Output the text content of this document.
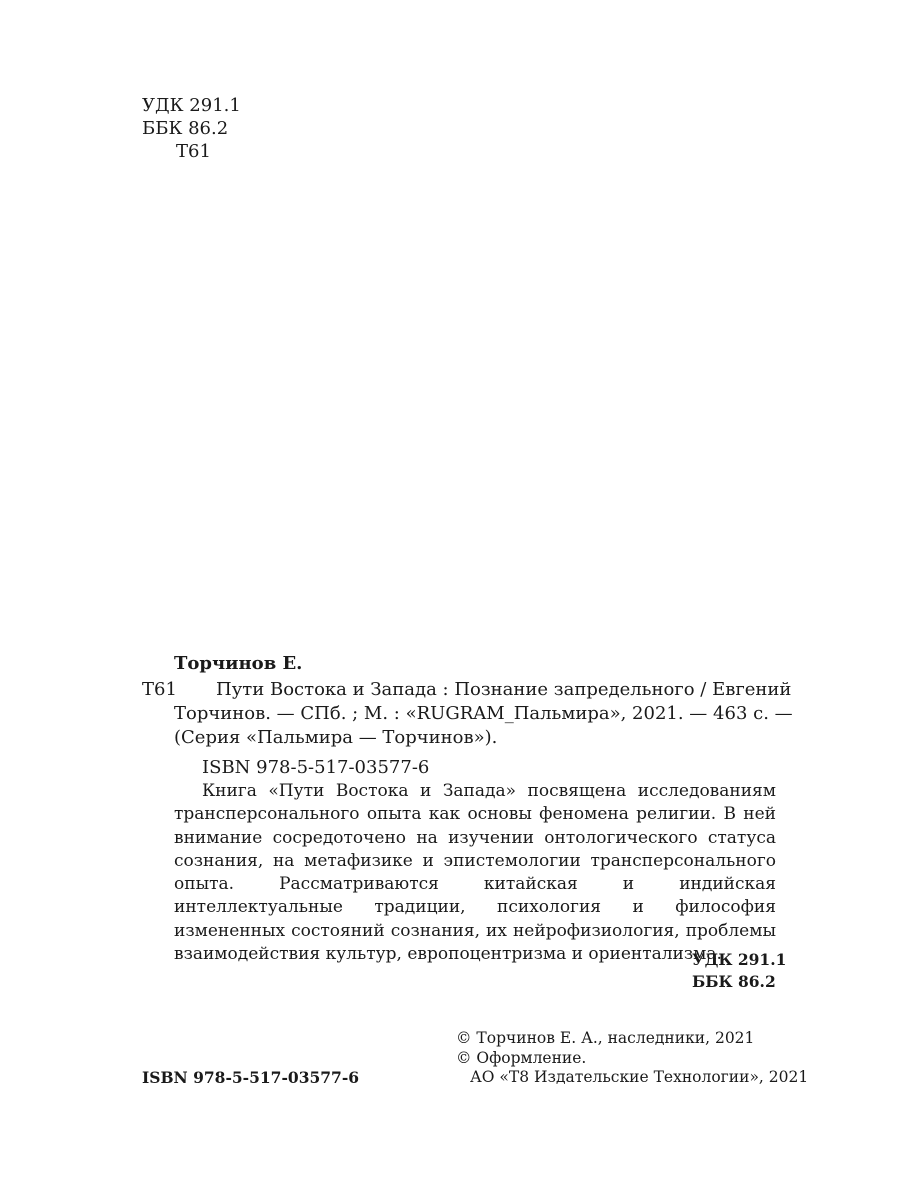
УДК 291.1
ББК 86.2
Т61
Торчинов Е.
Т61 Пути Востока и Запада : Познание запредельного / Евгений
Торчинов. — СПб. ; М. : «RUGRAM_Пальмира», 2021. — 463 с. —
(Серия «Пальмира — Торчинов»).
ISBN 978-5-517-03577-6

Книга «Пути Востока и Запада» посвящена исследованиям трансперсонального опыта как основы феномена религии. В ней внимание сосредоточено на изучении онтологического статуса сознания, на метафизике и эпистемологии трансперсонального опыта. Рассматриваются китайская и индийская интеллектуальные традиции, психология и философия измененных состояний сознания, их нейрофизиология, проблемы взаимодействия культур, европоцентризма и ориентализма.

УДК 291.1
ББК 86.2
ISBN 978-5-517-03577-6
© Торчинов Е. А., наследники, 2021
© Оформление.
АО «Т8 Издательские Технологии», 2021
